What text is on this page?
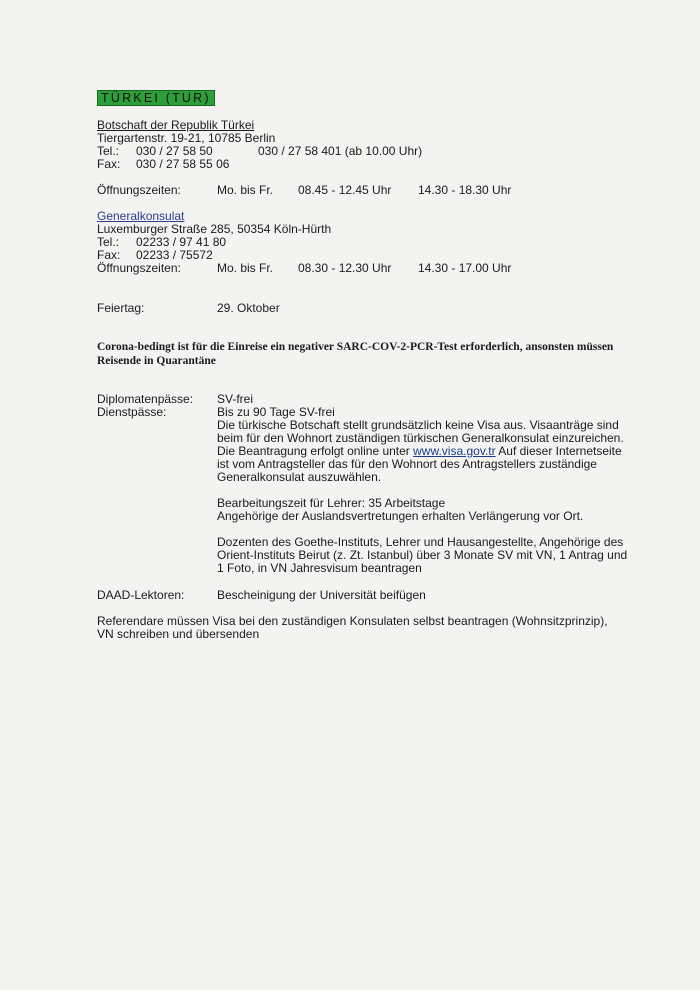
TÜRKEI (TUR)
Botschaft der Republik Türkei
Tiergartenstr. 19-21, 10785 Berlin
Tel.: 030 / 27 58 50	030 / 27 58 401 (ab 10.00 Uhr)
Fax: 030 / 27 58 55 06
Öffnungszeiten:	Mo. bis Fr. 08.45 - 12.45 Uhr 14.30 - 18.30 Uhr
Generalkonsulat
Luxemburger Straße 285, 50354 Köln-Hürth
Tel.: 02233 / 97 41 80
Fax: 02233 / 75572
Öffnungszeiten:	Mo. bis Fr. 08.30 - 12.30 Uhr 14.30 - 17.00 Uhr
Feiertag:	29. Oktober
Corona-bedingt ist für die Einreise ein negativer SARC-COV-2-PCR-Test erforderlich, ansonsten müssen
Reisende in Quarantäne
Diplomatenpässe: SV-frei
Dienstpässe:	Bis zu 90 Tage SV-frei
Die türkische Botschaft stellt grundsätzlich keine Visa aus. Visaanträge sind
beim für den Wohnort zuständigen türkischen Generalkonsulat einzureichen.
Die Beantragung erfolgt online unter www.visa.gov.tr Auf dieser Internetseite
ist vom Antragsteller das für den Wohnort des Antragstellers zuständige
Generalkonsulat auszuwählen.
Bearbeitungszeit für Lehrer: 35 Arbeitstage
Angehörige der Auslandsvertretungen erhalten Verlängerung vor Ort.
Dozenten des Goethe-Instituts, Lehrer und Hausangestellte, Angehörige des
Orient-Instituts Beirut (z. Zt. Istanbul) über 3 Monate SV mit VN, 1 Antrag und
1 Foto, in VN Jahresvisum beantragen
DAAD-Lektoren:	Bescheinigung der Universität beifügen
Referendare müssen Visa bei den zuständigen Konsulaten selbst beantragen (Wohnsitzprinzip),
VN schreiben und übersenden
